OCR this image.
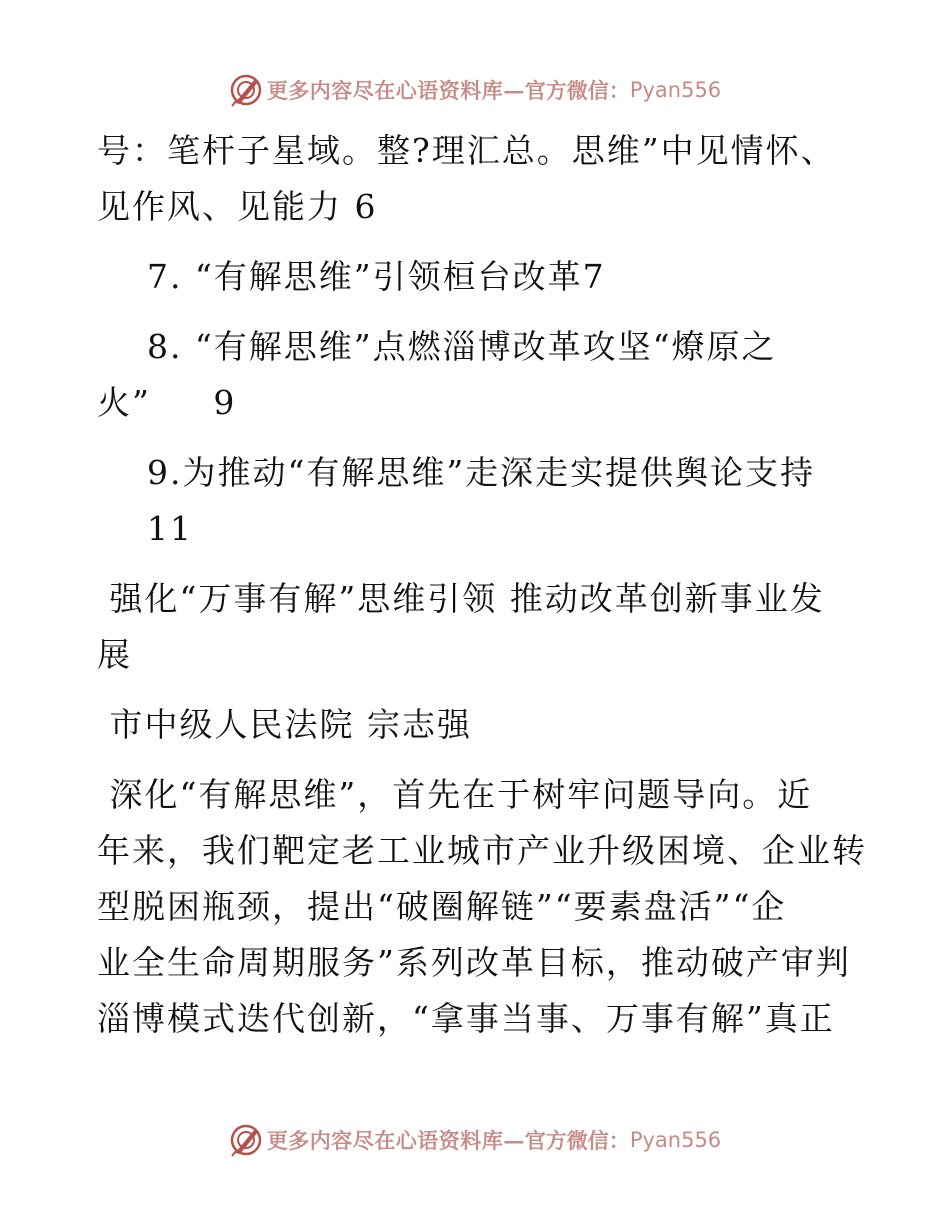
更多内容尽在心语资料库 — 官方微信： Pyan556
号：笔杆子星域。整?理汇总。思维”中见情怀、
见作风、见能力 6
7. “有解思维”引领桓台改革7
8. “有解思维”点燃淄博改革攻坚“燎原之
火”     9
9.为推动“有解思维”走深走实提供舆论支持
11
强化“万事有解”思维引领 推动改革创新事业发
展
市中级人民法院 宗志强
深化“有解思维”，首先在于树牢问题导向。近
年来，我们靶定老工业城市产业升级困境、企业转
型脱困瓶颈，提出“破圈解链”“要素盘活”“企
业全生命周期服务”系列改革目标，推动破产审判
淄博模式迭代创新，“拿事当事、万事有解”真正
更多内容尽在心语资料库 — 官方微信： Pyan556
